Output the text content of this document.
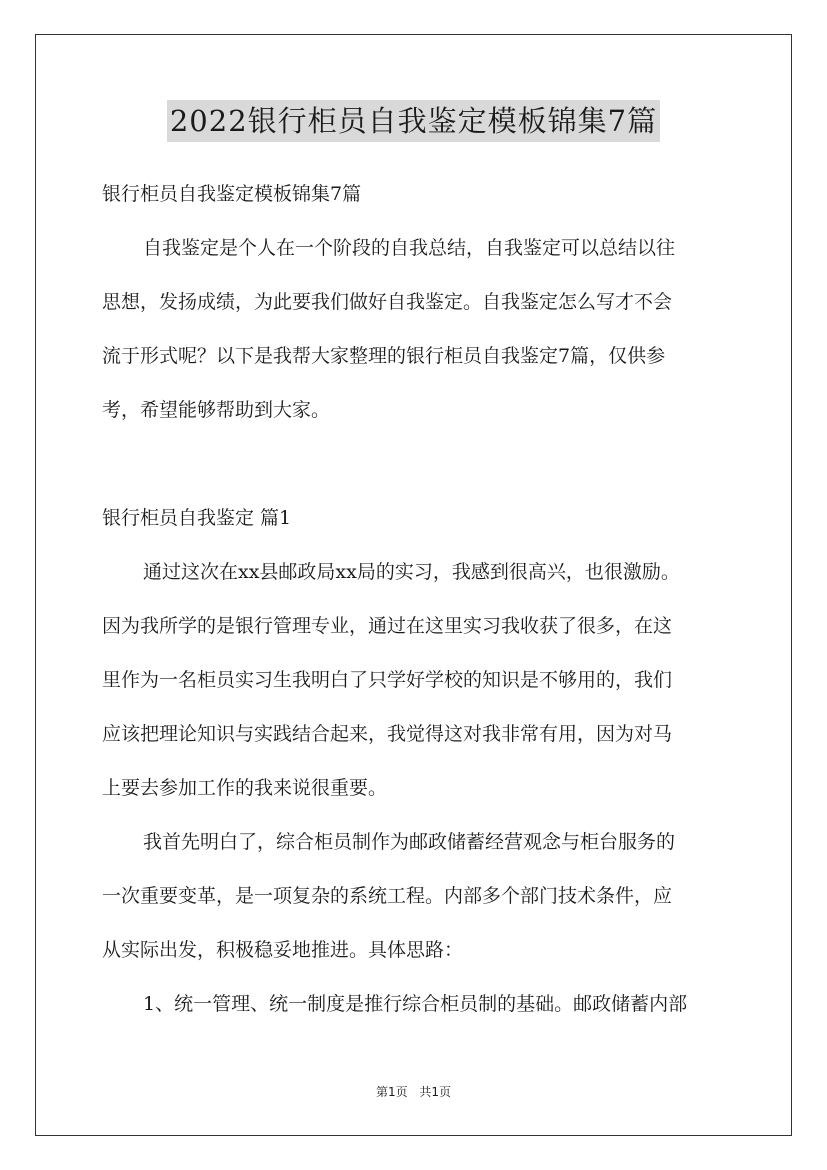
2022银行柜员自我鉴定模板锦集7篇
银行柜员自我鉴定模板锦集7篇
自我鉴定是个人在一个阶段的自我总结，自我鉴定可以总结以往
思想，发扬成绩，为此要我们做好自我鉴定。自我鉴定怎么写才不会
流于形式呢？以下是我帮大家整理的银行柜员自我鉴定7篇，仅供参
考，希望能够帮助到大家。
银行柜员自我鉴定 篇1
通过这次在xx县邮政局xx局的实习，我感到很高兴，也很激励。
因为我所学的是银行管理专业，通过在这里实习我收获了很多，在这
里作为一名柜员实习生我明白了只学好学校的知识是不够用的，我们
应该把理论知识与实践结合起来，我觉得这对我非常有用，因为对马
上要去参加工作的我来说很重要。
我首先明白了，综合柜员制作为邮政储蓄经营观念与柜台服务的
一次重要变革，是一项复杂的系统工程。内部多个部门技术条件，应
从实际出发，积极稳妥地推进。具体思路：
1、统一管理、统一制度是推行综合柜员制的基础。邮政储蓄内部
第1页 共1页
